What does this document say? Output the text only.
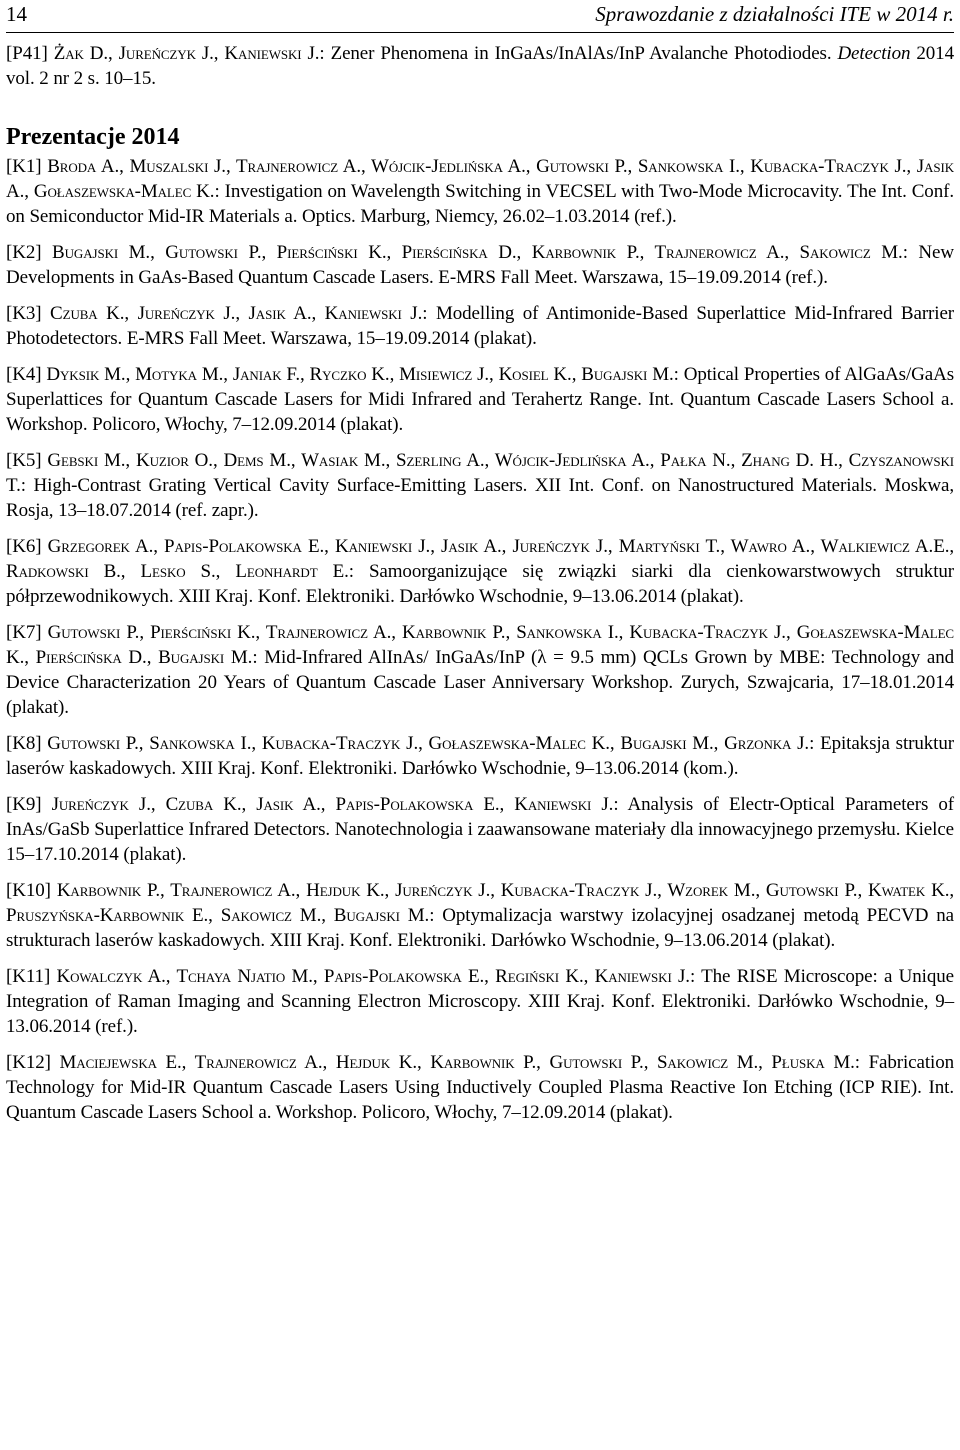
14	Sprawozdanie z działalności ITE w 2014 r.
[P41] Żak D., Jureńczyk J., Kaniewski J.: Zener Phenomena in InGaAs/InAlAs/InP Avalanche Photodiodes. Detection 2014 vol. 2 nr 2 s. 10–15.
Prezentacje 2014
[K1] Broda A., Muszalski J., Trajnerowicz A., Wójcik-Jedlińska A., Gutowski P., Sankowska I., Kubacka-Traczyk J., Jasik A., Gołaszewska-Malec K.: Investigation on Wavelength Switching in VECSEL with Two-Mode Microcavity. The Int. Conf. on Semiconductor Mid-IR Materials a. Optics. Marburg, Niemcy, 26.02–1.03.2014 (ref.).
[K2] Bugajski M., Gutowski P., Pierściński K., Pierścińska D., Karbownik P., Trajnerowicz A., Sakowicz M.: New Developments in GaAs-Based Quantum Cascade Lasers. E-MRS Fall Meet. Warszawa, 15–19.09.2014 (ref.).
[K3] Czuba K., Jureńczyk J., Jasik A., Kaniewski J.: Modelling of Antimonide-Based Superlattice Mid-Infrared Barrier Photodetectors. E-MRS Fall Meet. Warszawa, 15–19.09.2014 (plakat).
[K4] Dyksik M., Motyka M., Janiak F., Ryczko K., Misiewicz J., Kosiel K., Bugajski M.: Optical Properties of AlGaAs/GaAs Superlattices for Quantum Cascade Lasers for Midi Infrared and Terahertz Range. Int. Quantum Cascade Lasers School a. Workshop. Policoro, Włochy, 7–12.09.2014 (plakat).
[K5] Gebski M., Kuzior O., Dems M., Wasiak M., Szerling A., Wójcik-Jedlińska A., Pałka N., Zhang D. H., Czyszanowski T.: High-Contrast Grating Vertical Cavity Surface-Emitting Lasers. XII Int. Conf. on Nanostructured Materials. Moskwa, Rosja, 13–18.07.2014 (ref. zapr.).
[K6] Grzegorek A., Papis-Polakowska E., Kaniewski J., Jasik A., Jureńczyk J., Martyński T., Wawro A., Walkiewicz A.E., Radkowski B., Lesko S., Leonhardt E.: Samoorganizujące się związki siarki dla cienkowarstwowych struktur półprzewodnikowych. XIII Kraj. Konf. Elektroniki. Darłówko Wschodnie, 9–13.06.2014 (plakat).
[K7] Gutowski P., Pierściński K., Trajnerowicz A., Karbownik P., Sankowska I., Kubacka-Traczyk J., Gołaszewska-Malec K., Pierścińska D., Bugajski M.: Mid-Infrared AlInAs/ InGaAs/InP (λ = 9.5 mm) QCLs Grown by MBE: Technology and Device Characterization 20 Years of Quantum Cascade Laser Anniversary Workshop. Zurych, Szwajcaria, 17–18.01.2014 (plakat).
[K8] Gutowski P., Sankowska I., Kubacka-Traczyk J., Gołaszewska-Malec K., Bugajski M., Grzonka J.: Epitaksja struktur laserów kaskadowych. XIII Kraj. Konf. Elektroniki. Darłówko Wschodnie, 9–13.06.2014 (kom.).
[K9] Jureńczyk J., Czuba K., Jasik A., Papis-Polakowska E., Kaniewski J.: Analysis of Electr-Optical Parameters of InAs/GaSb Superlattice Infrared Detectors. Nanotechnologia i zaawansowane materiały dla innowacyjnego przemysłu. Kielce 15–17.10.2014 (plakat).
[K10] Karbownik P., Trajnerowicz A., Hejduk K., Jureńczyk J., Kubacka-Traczyk J., Wzorek M., Gutowski P., Kwatek K., Pruszyńska-Karbownik E., Sakowicz M., Bugajski M.: Optymalizacja warstwy izolacyjnej osadzanej metodą PECVD na strukturach laserów kaskadowych. XIII Kraj. Konf. Elektroniki. Darłówko Wschodnie, 9–13.06.2014 (plakat).
[K11] Kowalczyk A., Tchaya Njatio M., Papis-Polakowska E., Regiński K., Kaniewski J.: The RISE Microscope: a Unique Integration of Raman Imaging and Scanning Electron Microscopy. XIII Kraj. Konf. Elektroniki. Darłówko Wschodnie, 9–13.06.2014 (ref.).
[K12] Maciejewska E., Trajnerowicz A., Hejduk K., Karbownik P., Gutowski P., Sakowicz M., Płuska M.: Fabrication Technology for Mid-IR Quantum Cascade Lasers Using Inductively Coupled Plasma Reactive Ion Etching (ICP RIE). Int. Quantum Cascade Lasers School a. Workshop. Policoro, Włochy, 7–12.09.2014 (plakat).
